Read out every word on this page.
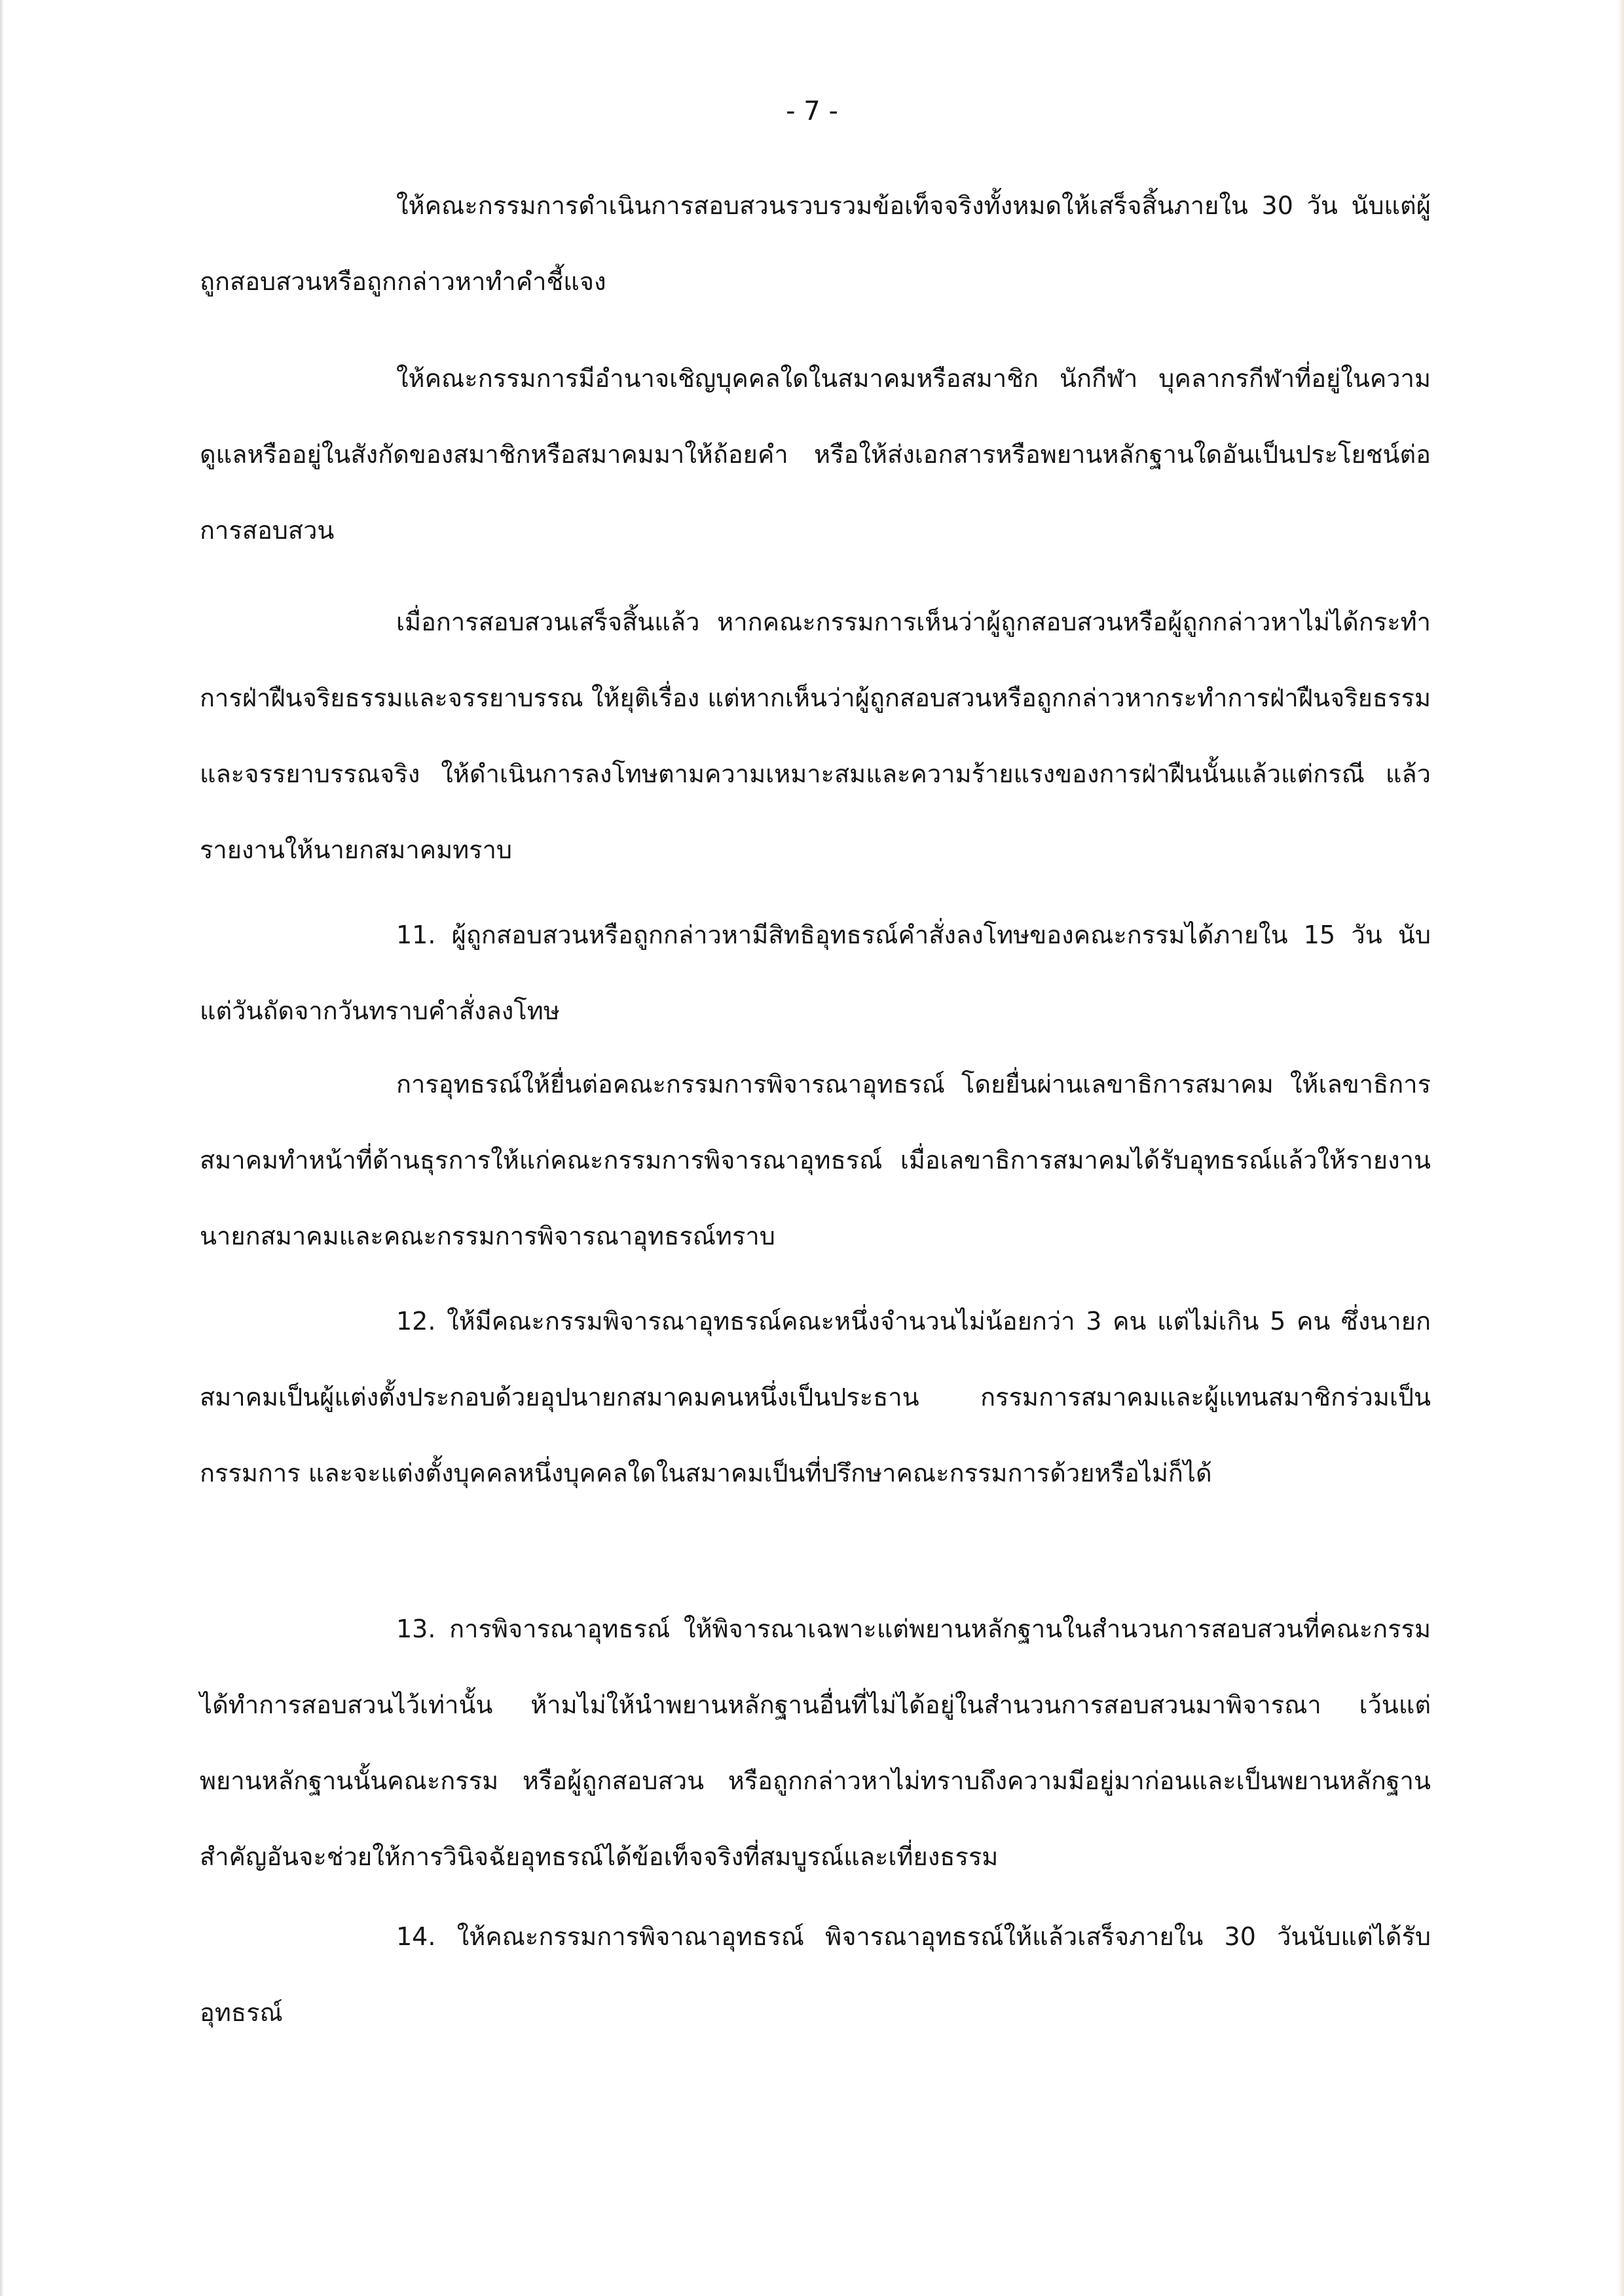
- 7 -

ให้คณะกรรมการดำเนินการสอบสวนรวบรวมข้อเท็จจริงทั้งหมดให้เสร็จสิ้นภายใน 30 วัน นับแต่ผู้ถูกสอบสวนหรือถูกกล่าวหาทำคำชี้แจง

ให้คณะกรรมการมีอำนาจเชิญบุคคลใดในสมาคมหรือสมาชิก นักกีฬา บุคลากรกีฬาที่อยู่ในความดูแลหรืออยู่ในสังกัดของสมาชิกหรือสมาคมมาให้ถ้อยคำ หรือให้ส่งเอกสารหรือพยานหลักฐานใดอันเป็นประโยชน์ต่อการสอบสวน

เมื่อการสอบสวนเสร็จสิ้นแล้ว หากคณะกรรมการเห็นว่าผู้ถูกสอบสวนหรือผู้ถูกกล่าวหาไม่ได้กระทำการฝ่าฝืนจริยธรรมและจรรยาบรรณ ให้ยุติเรื่อง แต่หากเห็นว่าผู้ถูกสอบสวนหรือถูกกล่าวหากระทำการฝ่าฝืนจริยธรรมและจรรยาบรรณจริง ให้ดำเนินการลงโทษตามความเหมาะสมและความร้ายแรงของการฝ่าฝืนนั้นแล้วแต่กรณี แล้วรายงานให้นายกสมาคมทราบ

11. ผู้ถูกสอบสวนหรือถูกกล่าวหามีสิทธิอุทธรณ์คำสั่งลงโทษของคณะกรรมได้ภายใน 15 วัน นับแต่วันถัดจากวันทราบคำสั่งลงโทษ

การอุทธรณ์ให้ยื่นต่อคณะกรรมการพิจารณาอุทธรณ์ โดยยื่นผ่านเลขาธิการสมาคม ให้เลขาธิการสมาคมทำหน้าที่ด้านธุรการให้แก่คณะกรรมการพิจารณาอุทธรณ์ เมื่อเลขาธิการสมาคมได้รับอุทธรณ์แล้วให้รายงานนายกสมาคมและคณะกรรมการพิจารณาอุทธรณ์ทราบ

12. ให้มีคณะกรรมพิจารณาอุทธรณ์คณะหนึ่งจำนวนไม่น้อยกว่า 3 คน แต่ไม่เกิน 5 คน ซึ่งนายกสมาคมเป็นผู้แต่งตั้งประกอบด้วยอุปนายกสมาคมคนหนึ่งเป็นประธาน กรรมการสมาคมและผู้แทนสมาชิกร่วมเป็นกรรมการ และจะแต่งตั้งบุคคลหนึ่งบุคคลใดในสมาคมเป็นที่ปรึกษาคณะกรรมการด้วยหรือไม่ก็ได้

13. การพิจารณาอุทธรณ์ ให้พิจารณาเฉพาะแต่พยานหลักฐานในสำนวนการสอบสวนที่คณะกรรมได้ทำการสอบสวนไว้เท่านั้น ห้ามไม่ให้นำพยานหลักฐานอื่นที่ไม่ได้อยู่ในสำนวนการสอบสวนมาพิจารณา เว้นแต่พยานหลักฐานนั้นคณะกรรม หรือผู้ถูกสอบสวน หรือถูกกล่าวหาไม่ทราบถึงความมีอยู่มาก่อนและเป็นพยานหลักฐานสำคัญอันจะช่วยให้การวินิจฉัยอุทธรณ์ได้ข้อเท็จจริงที่สมบูรณ์และเที่ยงธรรม

14. ให้คณะกรรมการพิจาณาอุทธรณ์ พิจารณาอุทธรณ์ให้แล้วเสร็จภายใน 30 วันนับแต่ได้รับอุทธรณ์
